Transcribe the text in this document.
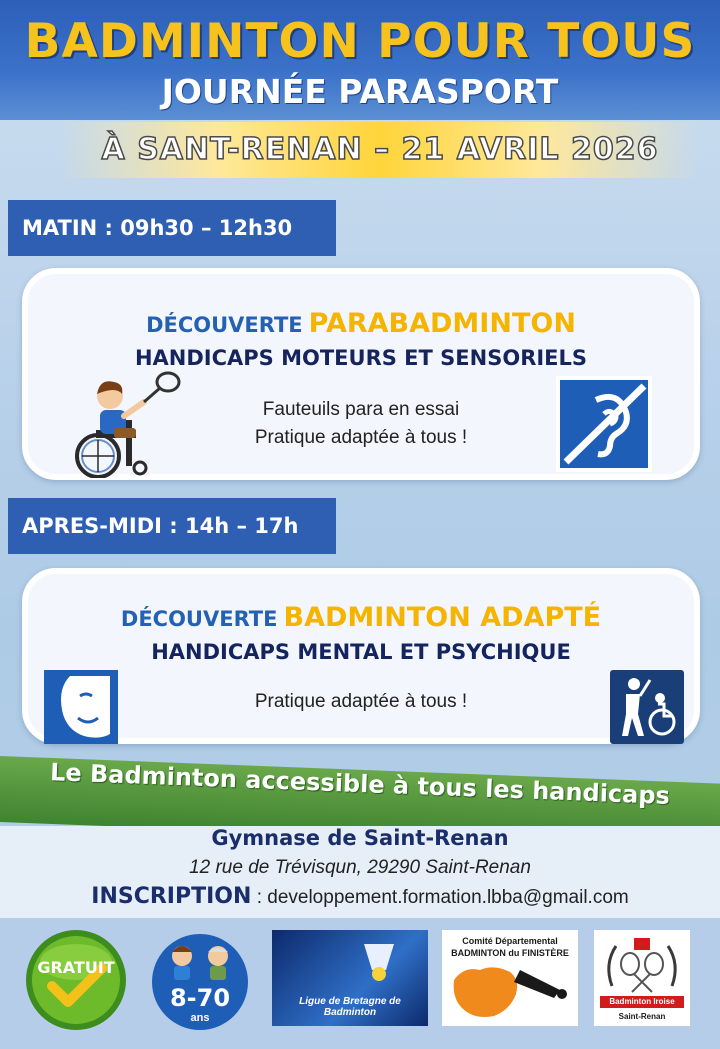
BADMINTON POUR TOUS
JOURNÉE PARASPORT
À SANT-RENAN – 21 AVRIL 2026
MATIN : 09h30 – 12h30
DÉCOUVERTE PARABADMINTON
HANDICAPS MOTEURS ET SENSORIELS
Fauteuils para en essai
Pratique adaptée à tous !
APRES-MIDI : 14h – 17h
DÉCOUVERTE BADMINTON ADAPTÉ
HANDICAPS MENTAL ET PSYCHIQUE
Pratique adaptée à tous !
Le Badminton accessible à tous les handicaps
Gymnase de Saint-Renan
12 rue de Trévisqun, 29290 Saint-Renan
INSCRIPTION : developpement.formation.lbba@gmail.com
GRATUIT
8-70
ans
Ligue de Bretagne de Badminton
Comité Départemental
BADMINTON du FINISTÈRE
Badminton Iroise
Saint-Renan
